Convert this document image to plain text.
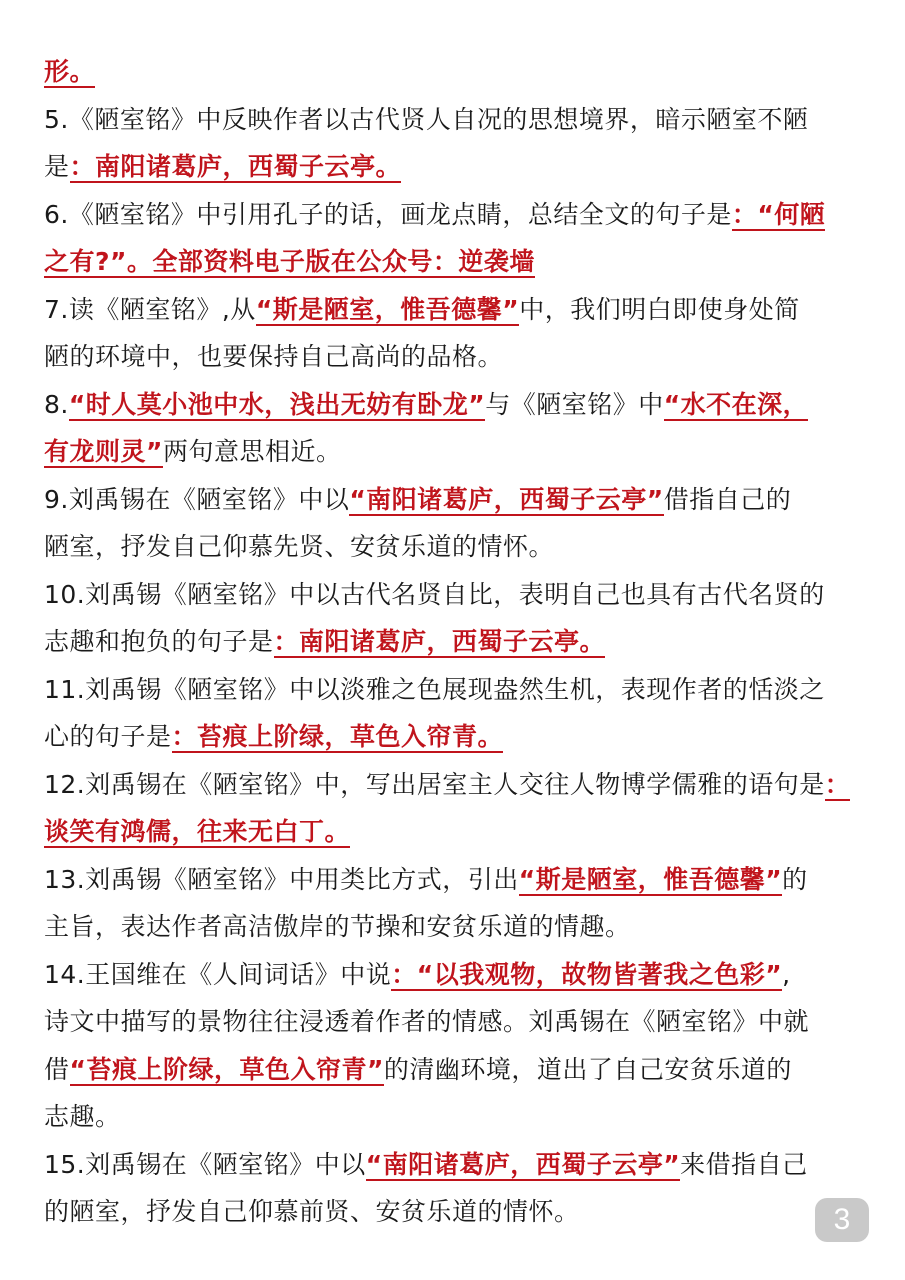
形。
5.《陋室铭》中反映作者以古代贤人自况的思想境界，暗示陋室不陋
是：南阳诸葛庐，西蜀子云亭。
6.《陋室铭》中引用孔子的话，画龙点睛，总结全文的句子是：“何陋
之有?”。全部资料电子版在公众号：逆袭墙
7.读《陋室铭》,从“斯是陋室，惟吾德馨”中，我们明白即使身处简
陋的环境中，也要保持自己高尚的品格。
8.“时人莫小池中水，浅出无妨有卧龙”与《陋室铭》中“水不在深，
有龙则灵”两句意思相近。
9.刘禹锡在《陋室铭》中以“南阳诸葛庐，西蜀子云亭”借指自己的
陋室，抒发自己仰慕先贤、安贫乐道的情怀。
10.刘禹锡《陋室铭》中以古代名贤自比，表明自己也具有古代名贤的
志趣和抱负的句子是：南阳诸葛庐，西蜀子云亭。
11.刘禹锡《陋室铭》中以淡雅之色展现盎然生机，表现作者的恬淡之
心的句子是：苔痕上阶绿，草色入帘青。
12.刘禹锡在《陋室铭》中，写出居室主人交往人物博学儒雅的语句是：
谈笑有鸿儒，往来无白丁。
13.刘禹锡《陋室铭》中用类比方式，引出“斯是陋室，惟吾德馨”的
主旨，表达作者高洁傲岸的节操和安贫乐道的情趣。
14.王国维在《人间词话》中说：“以我观物，故物皆著我之色彩”,
诗文中描写的景物往往浸透着作者的情感。刘禹锡在《陋室铭》中就
借“苔痕上阶绿，草色入帘青”的清幽环境，道出了自己安贫乐道的
志趣。
15.刘禹锡在《陋室铭》中以“南阳诸葛庐，西蜀子云亭”来借指自己
的陋室，抒发自己仰慕前贤、安贫乐道的情怀。	3
